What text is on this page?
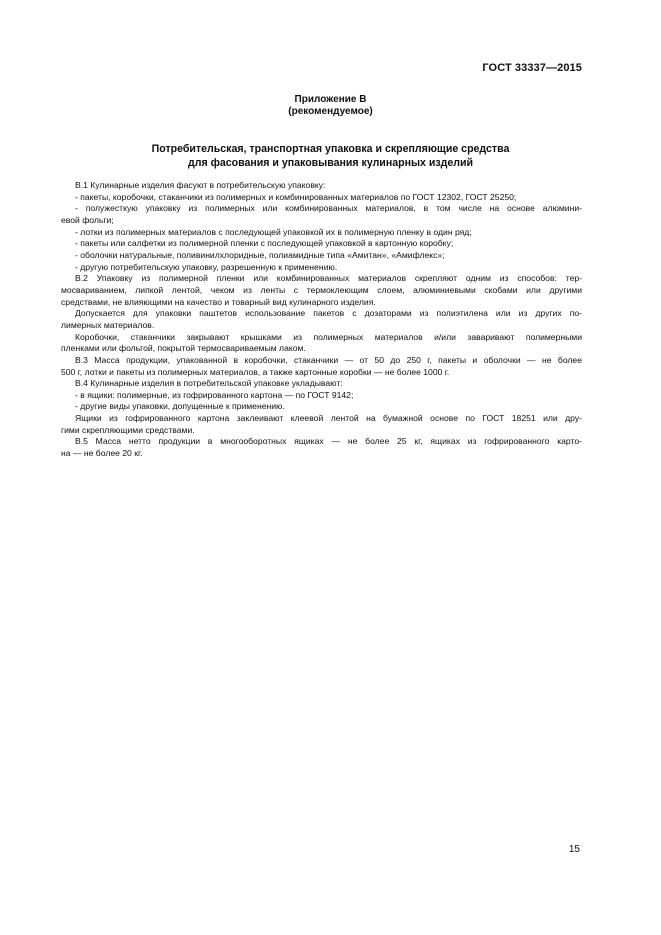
ГОСТ 33337—2015
Приложение В
(рекомендуемое)
Потребительская, транспортная упаковка и скрепляющие средства
для фасования и упаковывания кулинарных изделий

В.1 Кулинарные изделия фасуют в потребительскую упаковку:

- пакеты, коробочки, стаканчики из полимерных и комбинированных материалов по ГОСТ 12302, ГОСТ 25250;

- полужесткую упаковку из полимерных или комбинированных материалов, в том числе на основе алюмини-

евой фольги;

- лотки из полимерных материалов с последующей упаковкой их в полимерную пленку в один ряд;

- пакеты или салфетки из полимерной пленки с последующей упаковкой в картонную коробку;

- оболочки натуральные, поливинилхлоридные, полиамидные типа «Амитан», «Амифлекс»;

- другую потребительскую упаковку, разрешенную к применению.

В.2 Упаковку из полимерной пленки или комбинированных материалов скрепляют одним из способов: тер-

мосвариванием, липкой лентой, чеком из ленты с термоклеющим слоем, алюминиевыми скобами или другими

средствами, не влияющими на качество и товарный вид кулинарного изделия.

Допускается для упаковки паштетов использование пакетов с дозаторами из полиэтилена или из других по-

лимерных материалов.

Коробочки, стаканчики закрывают крышками из полимерных материалов и/или заваривают полимерными

пленками или фольгой, покрытой термосвариваемым лаком.

В.3 Масса продукции, упакованной в коробочки, стаканчики — от 50 до 250 г, пакеты и оболочки — не более

500 г, лотки и пакеты из полимерных материалов, а также картонные коробки — не более 1000 г.

В.4 Кулинарные изделия в потребительской упаковке укладывают:

- в ящики: полимерные, из гофрированного картона — по ГОСТ 9142;

- другие виды упаковки, допущенные к применению.

Ящики из гофрированного картона заклеивают клеевой лентой на бумажной основе по ГОСТ 18251 или дру-

гими скрепляющими средствами.

В.5 Масса нетто продукции в многооборотных ящиках — не более 25 кг, ящиках из гофрированного карто-

на — не более 20 кг.

15
